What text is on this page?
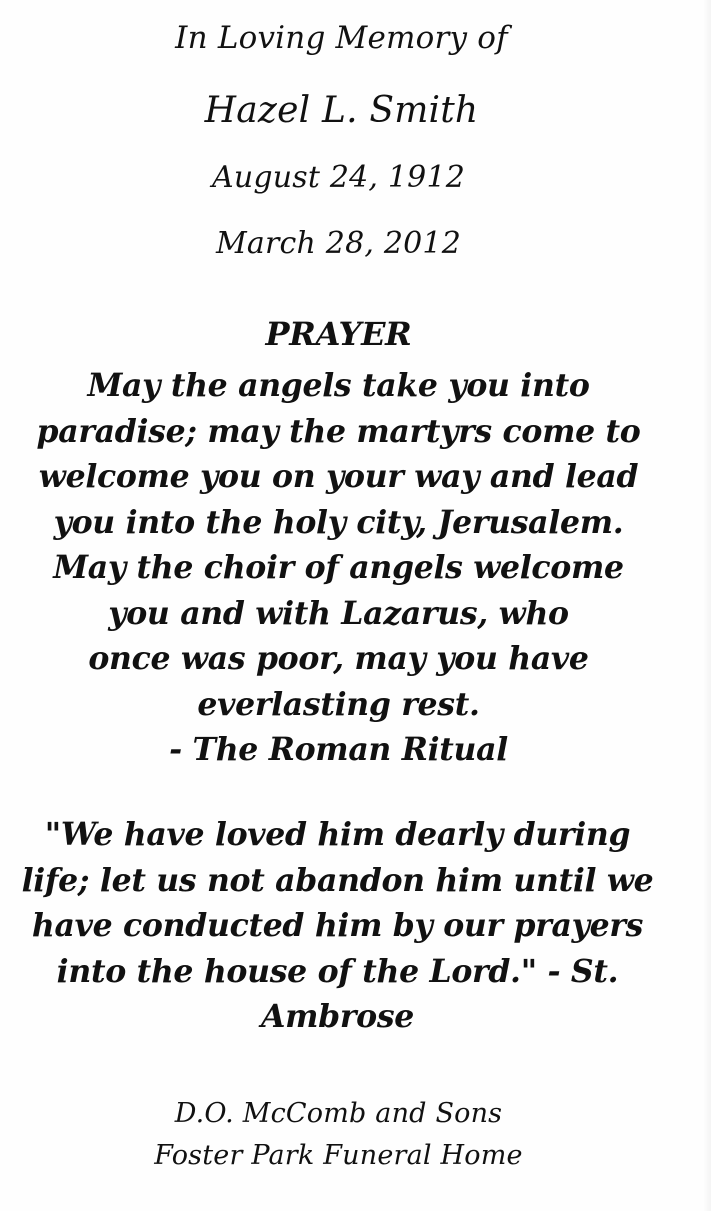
In Loving Memory of
Hazel L. Smith
August 24, 1912
March 28, 2012
PRAYER
May the angels take you into
paradise; may the martyrs come to
welcome you on your way and lead
you into the holy city, Jerusalem.
May the choir of angels welcome
you and with Lazarus, who
once was poor, may you have
everlasting rest.
- The Roman Ritual
"We have loved him dearly during
life; let us not abandon him until we
have conducted him by our prayers
into the house of the Lord." - St.
Ambrose
D.O. McComb and Sons
Foster Park Funeral Home
